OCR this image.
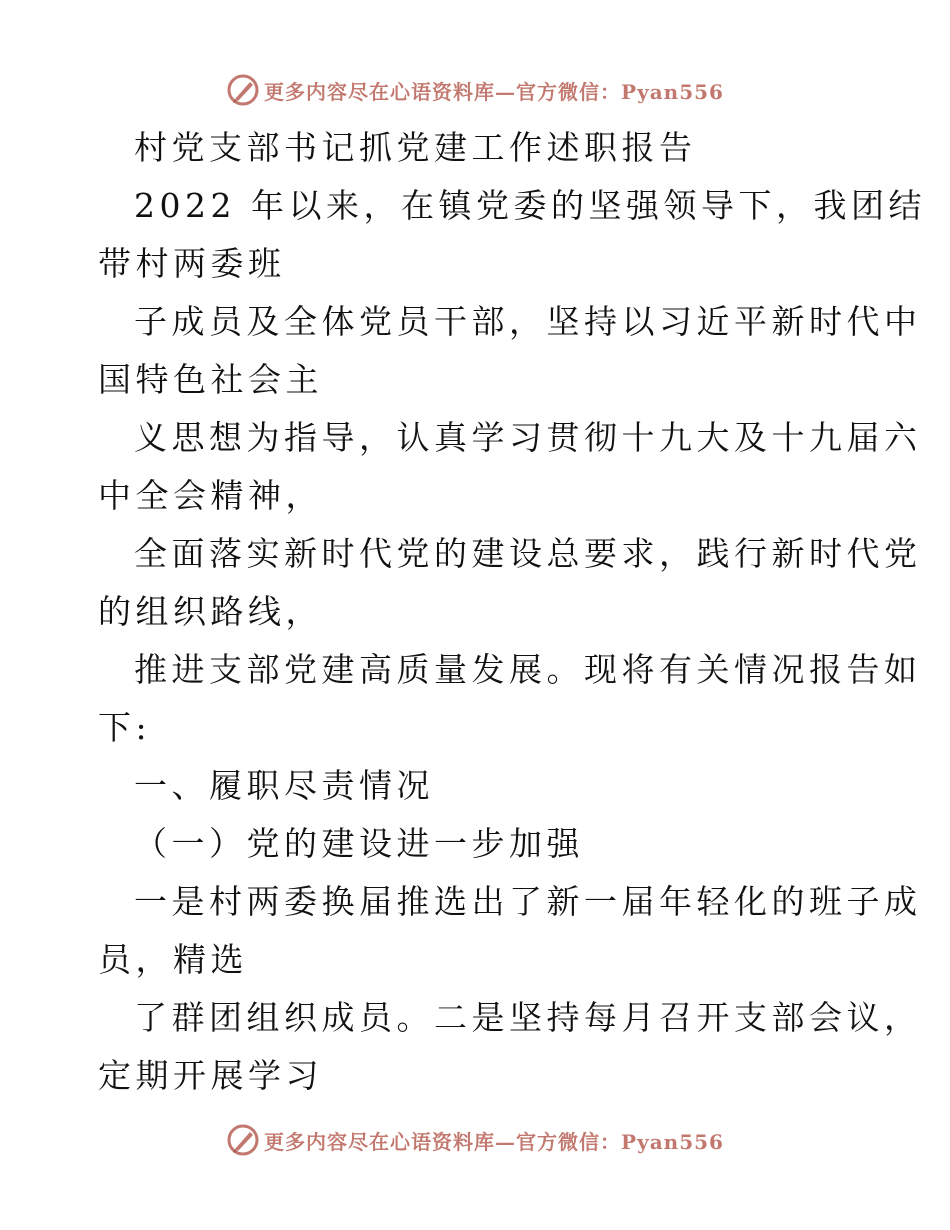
更多内容尽在心语资料库—官方微信：Pyan556
村党支部书记抓党建工作述职报告
2022 年以来，在镇党委的坚强领导下，我团结
带村两委班
子成员及全体党员干部，坚持以习近平新时代中
国特色社会主
义思想为指导，认真学习贯彻十九大及十九届六
中全会精神，
全面落实新时代党的建设总要求，践行新时代党
的组织路线，
推进支部党建高质量发展。现将有关情况报告如
下:
一、履职尽责情况
（一）党的建设进一步加强
一是村两委换届推选出了新一届年轻化的班子成
员，精选
了群团组织成员。二是坚持每月召开支部会议，
定期开展学习
更多内容尽在心语资料库—官方微信：Pyan556
